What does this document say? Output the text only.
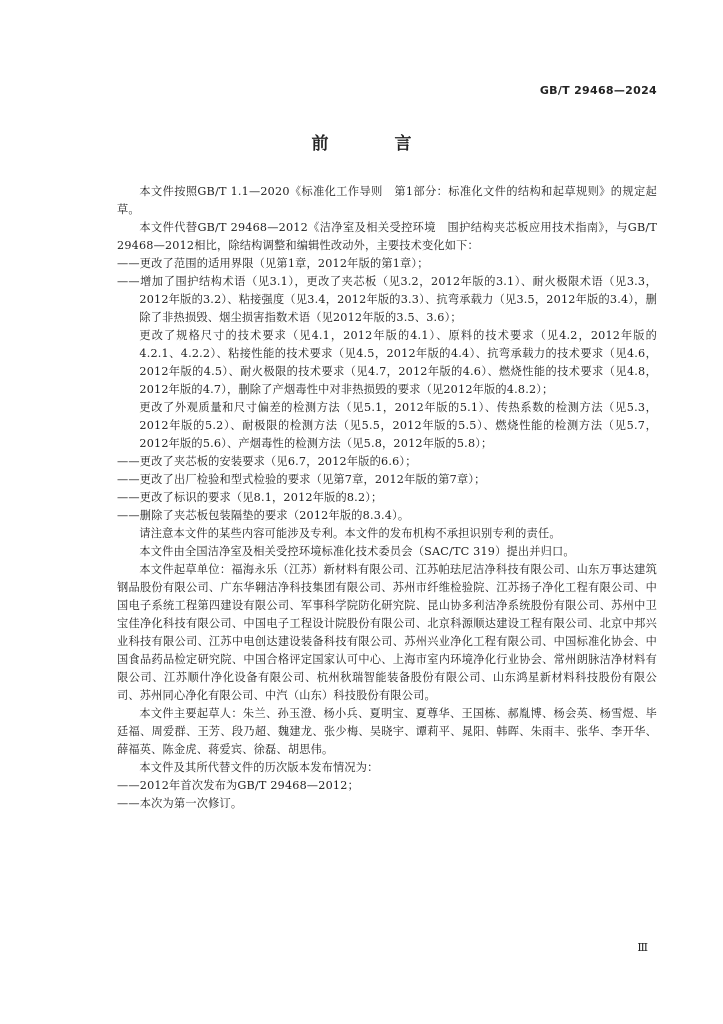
GB/T 29468—2024
前 言

本文件按照GB/T 1.1—2020《标准化工作导则　第1部分：标准化文件的结构和起草规则》的规定起草。

本文件代替GB/T 29468—2012《洁净室及相关受控环境　围护结构夹芯板应用技术指南》，与GB/T 29468—2012相比，除结构调整和编辑性改动外，主要技术变化如下：

——更改了范围的适用界限（见第1章，2012年版的第1章）；

——增加了围护结构术语（见3.1），更改了夹芯板（见3.2，2012年版的3.1）、耐火极限术语（见3.3，2012年版的3.2）、粘接强度（见3.4，2012年版的3.3）、抗弯承载力（见3.5，2012年版的3.4），删除了非热损毁、烟尘损害指数术语（见2012年版的3.5、3.6）；

更改了规格尺寸的技术要求（见4.1，2012年版的4.1）、原料的技术要求（见4.2，2012年版的4.2.1、4.2.2）、粘接性能的技术要求（见4.5，2012年版的4.4）、抗弯承载力的技术要求（见4.6，2012年版的4.5）、耐火极限的技术要求（见4.7，2012年版的4.6）、燃烧性能的技术要求（见4.8，2012年版的4.7），删除了产烟毒性中对非热损毁的要求（见2012年版的4.8.2）；

更改了外观质量和尺寸偏差的检测方法（见5.1，2012年版的5.1）、传热系数的检测方法（见5.3，2012年版的5.2）、耐极限的检测方法（见5.5，2012年版的5.5）、燃烧性能的检测方法（见5.7，2012年版的5.6）、产烟毒性的检测方法（见5.8，2012年版的5.8）；

——更改了夹芯板的安装要求（见6.7，2012年版的6.6）；

——更改了出厂检验和型式检验的要求（见第7章，2012年版的第7章）；

——更改了标识的要求（见8.1，2012年版的8.2）；

——删除了夹芯板包装隔垫的要求（2012年版的8.3.4）。

请注意本文件的某些内容可能涉及专利。本文件的发布机构不承担识别专利的责任。

本文件由全国洁净室及相关受控环境标准化技术委员会（SAC/TC 319）提出并归口。

本文件起草单位：福海永乐（江苏）新材料有限公司、江苏帕珐尼洁净科技有限公司、山东万事达建筑钢品股份有限公司、广东华翱洁净科技集团有限公司、苏州市纤维检验院、江苏扬子净化工程有限公司、中国电子系统工程第四建设有限公司、军事科学院防化研究院、昆山协多利洁净系统股份有限公司、苏州中卫宝佳净化科技有限公司、中国电子工程设计院股份有限公司、北京科源顺达建设工程有限公司、北京中邦兴业科技有限公司、江苏中电创达建设装备科技有限公司、苏州兴业净化工程有限公司、中国标准化协会、中国食品药品检定研究院、中国合格评定国家认可中心、上海市室内环境净化行业协会、常州朗脉洁净材料有限公司、江苏顺什净化设备有限公司、杭州秋瑞智能装备股份有限公司、山东鸿星新材料科技股份有限公司、苏州同心净化有限公司、中汽（山东）科技股份有限公司。

本文件主要起草人：朱兰、孙玉澄、杨小兵、夏明宝、夏尊华、王国栋、郝胤博、杨会英、杨雪煜、毕廷福、周爱群、王芳、段乃超、魏建龙、张少梅、吴晓宇、谭莉平、晁阳、韩晖、朱雨丰、张华、李开华、薛福英、陈金虎、蒋爱宾、徐磊、胡思伟。

本文件及其所代替文件的历次版本发布情况为：

——2012年首次发布为GB/T 29468—2012；

——本次为第一次修订。

Ⅲ
